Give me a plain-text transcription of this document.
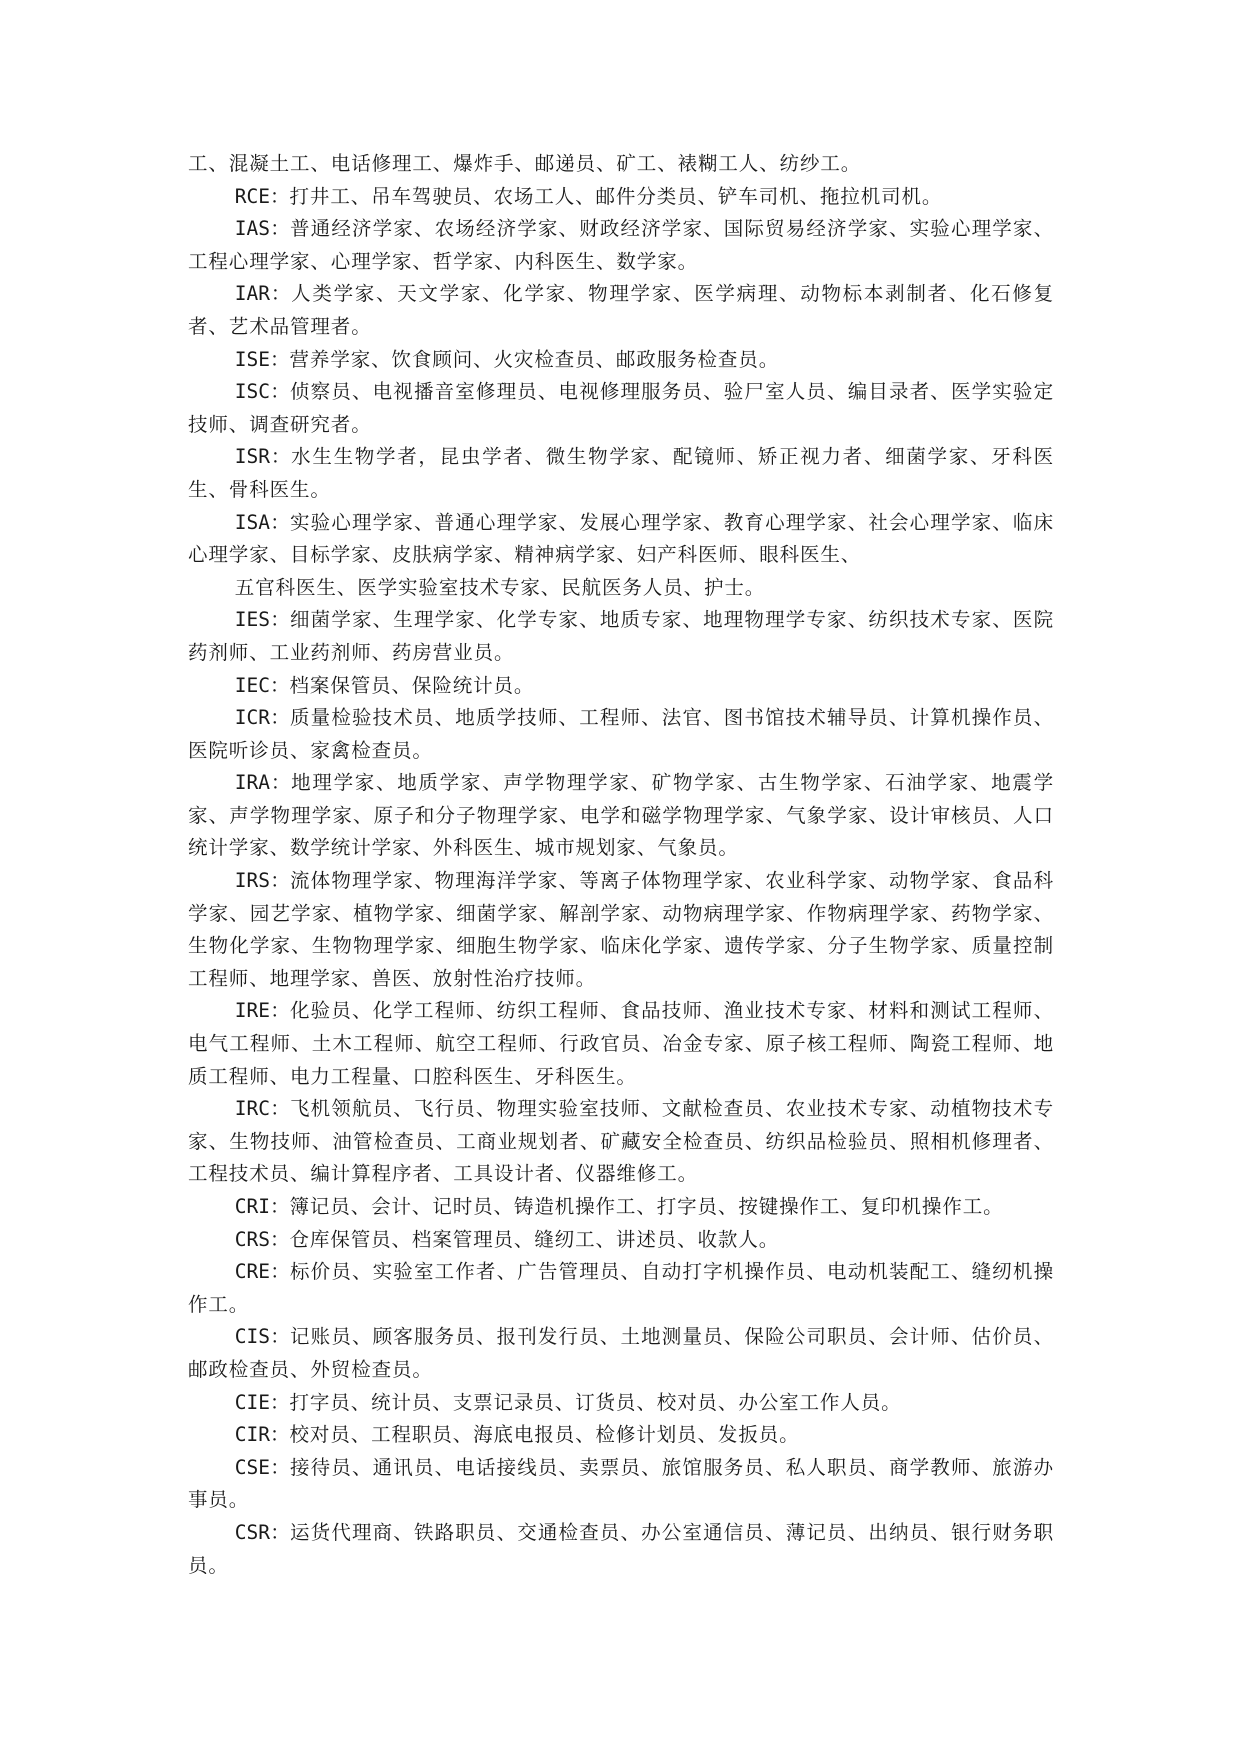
工、混凝土工、电话修理工、爆炸手、邮递员、矿工、裱糊工人、纺纱工。

RCE：打井工、吊车驾驶员、农场工人、邮件分类员、铲车司机、拖拉机司机。

IAS：普通经济学家、农场经济学家、财政经济学家、国际贸易经济学家、实验心理学家、工程心理学家、心理学家、哲学家、内科医生、数学家。

IAR：人类学家、天文学家、化学家、物理学家、医学病理、动物标本剥制者、化石修复者、艺术品管理者。

ISE：营养学家、饮食顾问、火灾检查员、邮政服务检查员。

ISC：侦察员、电视播音室修理员、电视修理服务员、验尸室人员、编目录者、医学实验定技师、调查研究者。

ISR：水生生物学者，昆虫学者、微生物学家、配镜师、矫正视力者、细菌学家、牙科医生、骨科医生。

ISA：实验心理学家、普通心理学家、发展心理学家、教育心理学家、社会心理学家、临床心理学家、目标学家、皮肤病学家、精神病学家、妇产科医师、眼科医生、

五官科医生、医学实验室技术专家、民航医务人员、护士。

IES：细菌学家、生理学家、化学专家、地质专家、地理物理学专家、纺织技术专家、医院药剂师、工业药剂师、药房营业员。

IEC：档案保管员、保险统计员。

ICR：质量检验技术员、地质学技师、工程师、法官、图书馆技术辅导员、计算机操作员、医院听诊员、家禽检查员。

IRA：地理学家、地质学家、声学物理学家、矿物学家、古生物学家、石油学家、地震学家、声学物理学家、原子和分子物理学家、电学和磁学物理学家、气象学家、设计审核员、人口统计学家、数学统计学家、外科医生、城市规划家、气象员。

IRS：流体物理学家、物理海洋学家、等离子体物理学家、农业科学家、动物学家、食品科学家、园艺学家、植物学家、细菌学家、解剖学家、动物病理学家、作物病理学家、药物学家、生物化学家、生物物理学家、细胞生物学家、临床化学家、遗传学家、分子生物学家、质量控制工程师、地理学家、兽医、放射性治疗技师。

IRE：化验员、化学工程师、纺织工程师、食品技师、渔业技术专家、材料和测试工程师、电气工程师、土木工程师、航空工程师、行政官员、冶金专家、原子核工程师、陶瓷工程师、地质工程师、电力工程量、口腔科医生、牙科医生。

IRC：飞机领航员、飞行员、物理实验室技师、文献检查员、农业技术专家、动植物技术专家、生物技师、油管检查员、工商业规划者、矿藏安全检查员、纺织品检验员、照相机修理者、工程技术员、编计算程序者、工具设计者、仪器维修工。

CRI：簿记员、会计、记时员、铸造机操作工、打字员、按键操作工、复印机操作工。

CRS：仓库保管员、档案管理员、缝纫工、讲述员、收款人。

CRE：标价员、实验室工作者、广告管理员、自动打字机操作员、电动机装配工、缝纫机操作工。

CIS：记账员、顾客服务员、报刊发行员、土地测量员、保险公司职员、会计师、估价员、邮政检查员、外贸检查员。

CIE：打字员、统计员、支票记录员、订货员、校对员、办公室工作人员。

CIR：校对员、工程职员、海底电报员、检修计划员、发扳员。

CSE：接待员、通讯员、电话接线员、卖票员、旅馆服务员、私人职员、商学教师、旅游办事员。

CSR：运货代理商、铁路职员、交通检查员、办公室通信员、薄记员、出纳员、银行财务职员。
